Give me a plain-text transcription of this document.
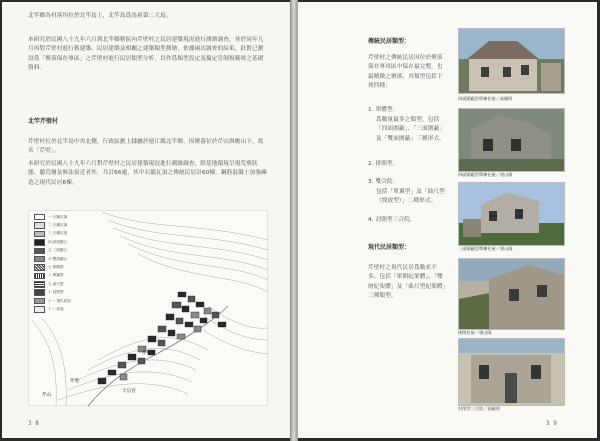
北竿鄉各村落均位於北竿島上，北竿島爲馬祖第二大島。
本研究於民國八十九年六月到北竿鄉轄區內芹壁村之民居建築現況進行測繪調查，並於同年九月再對芹壁村進行舊建築、民居建築及相關之建築類型測繪，依據兩次調查的結果，針對已劃設爲「聚落保存專區」之芹壁村進行民居類型分析，以作爲類型設定及擬定管制規範時之基礎資料。
北竿芹壁村
芹壁村位於北竿島中央北側，行政區劃上隸屬於連江縣北竿鄉。因聚落位於芹山與蟾山下，故名「芹壁」。
本研究於民國八十九年六月對芹壁村之民居建築現況進行測繪調查，除基地環境呈現荒蕪狀態、聽荒廢及無法接近者外，共計66處，其中石牆瓦頂之傳統民居計60棟，鋼筋混凝土加強磚造之現代民居6棟。
一 石牆瓦頂
二 石牆瓦頂
三 石牆瓦頂
四 四面圍合
五 三面圍合
六 雙面圍合
七 排間型
八 單翼型
九 曲尺型
十 封閉型
十一 現代民居
十二 其他
芹山
芹壁
天后宮
芹壁村
3 8
傳統民居類型：
芹壁村之傳統民居因位於聚落保存專用區中保存最完整，也最精緻之聚落，其類型包括下列四種：
1. 單體型：
爲數量最多之類型，包括「四面圍蔽」、「三面圍蔽」及「雙面圍蔽」三種形式。
2. 排間型。
3. 雙合院：
包括「單翼型」及「曲尺型（開放型）」二種形式。
4. 封閉型三合院。
現代民居類型：
芹壁村之現代民居爲數並不多，包括「單開紀架體」、「雙層紀架體」及「曲尺型紀架體」三種類型。
四面圍蔽型單棟住屋／高顯明
四面圍蔽型單棟住屋／建山隆
三面圍蔽型單棟住屋／建山隆
排間住屋／建山隆
封閉型三合院／高顯明
3 9
